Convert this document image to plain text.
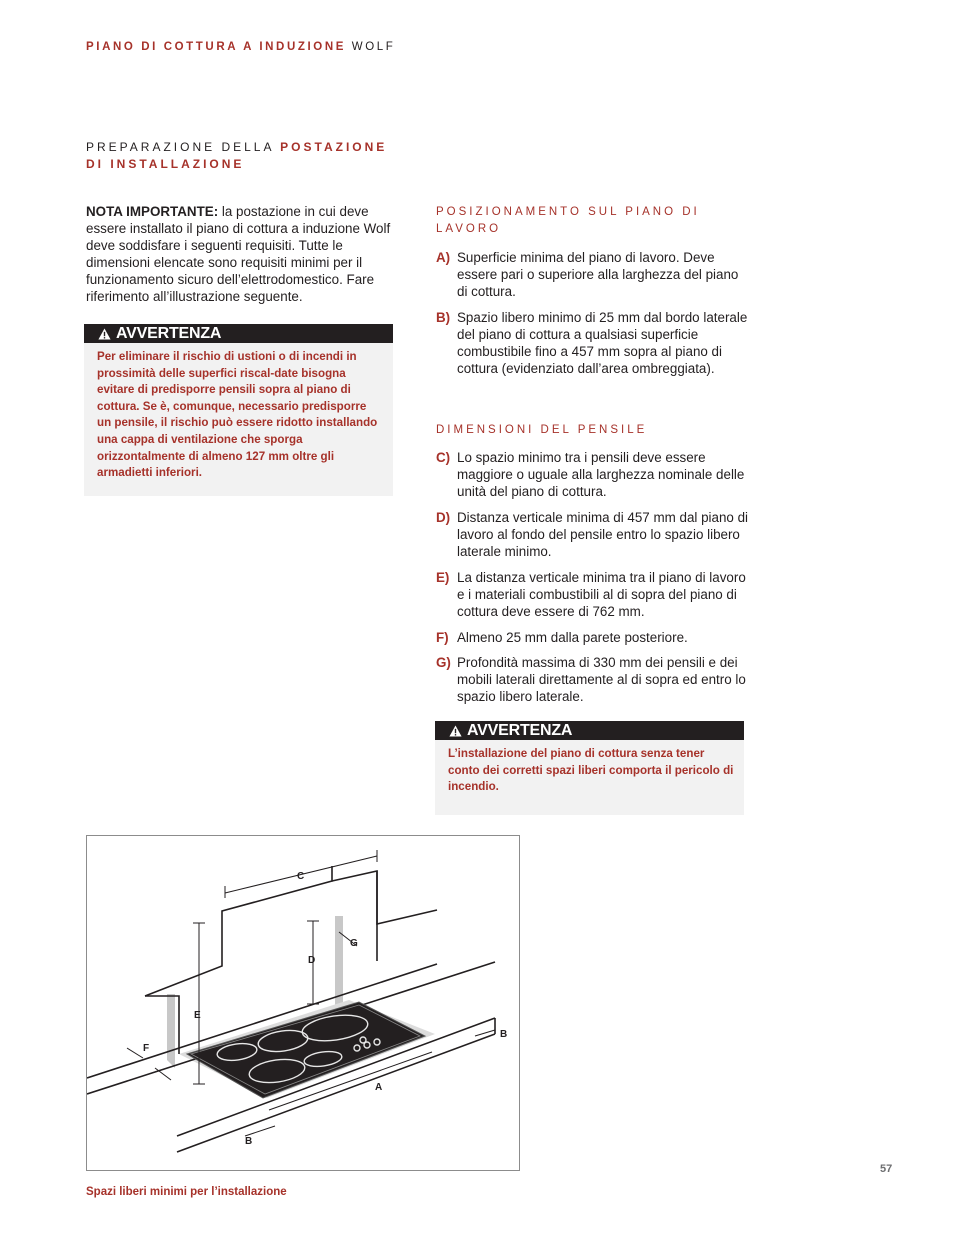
PIANO DI COTTURA A INDUZIONE WOLF
PREPARAZIONE DELLA POSTAZIONE
DI INSTALLAZIONE
NOTA IMPORTANTE: la postazione in cui deve essere installato il piano di cottura a induzione Wolf deve soddisfare i seguenti requisiti. Tutte le dimensioni elencate sono requisiti minimi per il funzionamento sicuro dell’elettrodomestico. Fare riferimento all’illustrazione seguente.
AVVERTENZA
Per eliminare il rischio di ustioni o di incendi in prossimità delle superfici riscal-date bisogna evitare di predisporre pensili sopra al piano di cottura. Se è, comunque, necessario predisporre un pensile, il rischio può essere ridotto installando una cappa di ventilazione che sporga orizzontalmente di almeno 127 mm oltre gli armadietti inferiori.
POSIZIONAMENTO SUL PIANO DI LAVORO
A) Superficie minima del piano di lavoro. Deve essere pari o superiore alla larghezza del piano di cottura.
B) Spazio libero minimo di 25 mm dal bordo laterale del piano di cottura a qualsiasi superficie combustibile fino a 457 mm sopra al piano di cottura (evidenziato dall’area ombreggiata).
DIMENSIONI DEL PENSILE
C) Lo spazio minimo tra i pensili deve essere maggiore o uguale alla larghezza nominale delle unità del piano di cottura.
D) Distanza verticale minima di 457 mm dal piano di lavoro al fondo del pensile entro lo spazio libero laterale minimo.
E) La distanza verticale minima tra il piano di lavoro e i materiali combustibili al di sopra del piano di cottura deve essere di 762 mm.
F) Almeno 25 mm dalla parete posteriore.
G) Profondità massima di 330 mm dei pensili e dei mobili laterali direttamente al di sopra ed entro lo spazio libero laterale.
AVVERTENZA
L’installazione del piano di cottura senza tener conto dei corretti spazi liberi comporta il pericolo di incendio.
C
D
E
G
F
A
B
B
Spazi liberi minimi per l’installazione
57
